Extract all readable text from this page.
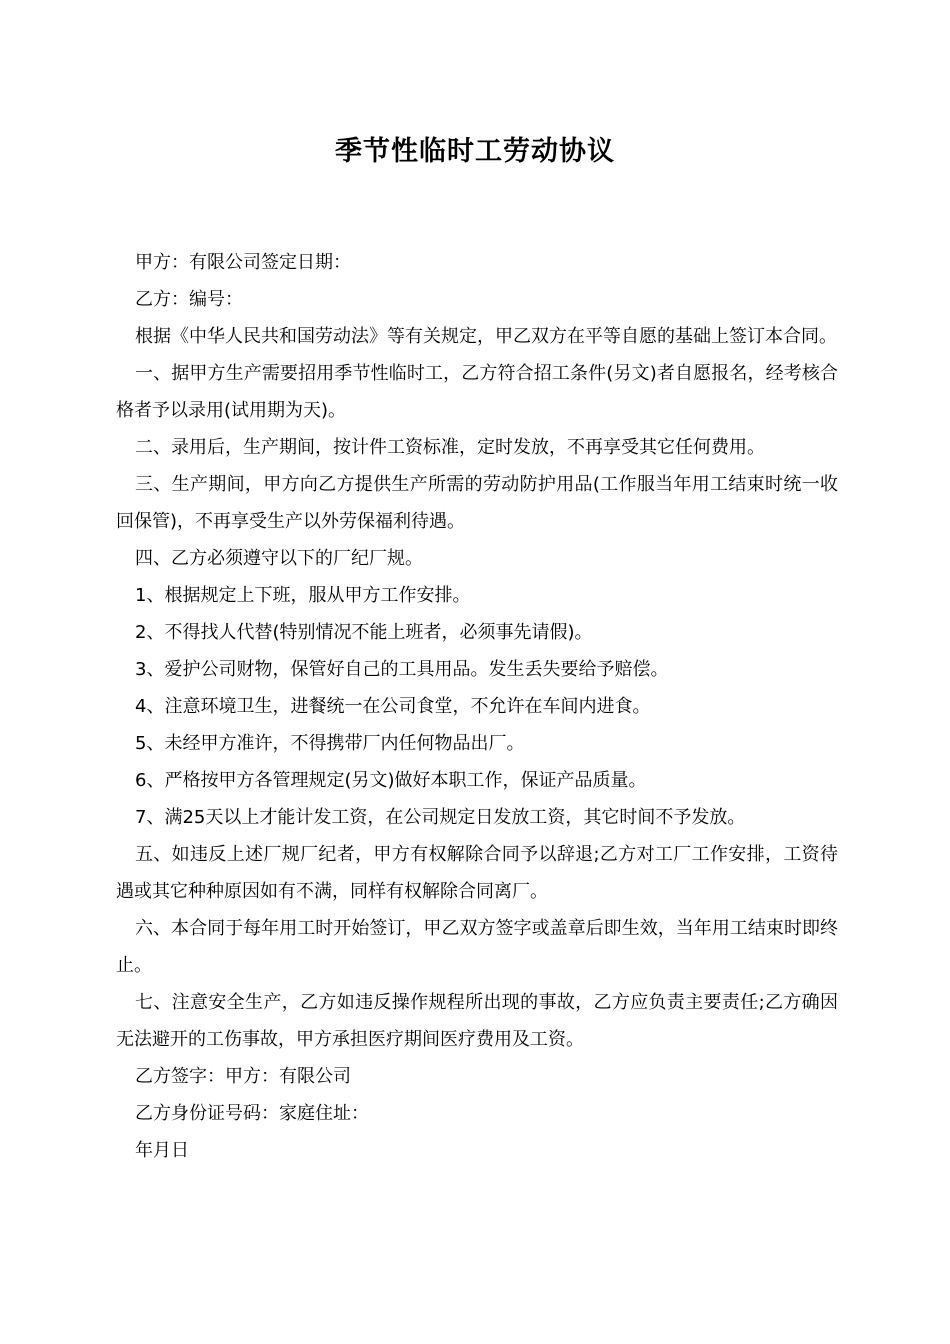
季节性临时工劳动协议

甲方：有限公司签定日期：

乙方：编号：

根据《中华人民共和国劳动法》等有关规定，甲乙双方在平等自愿的基础上签订本合同。

一、据甲方生产需要招用季节性临时工，乙方符合招工条件(另文)者自愿报名，经考核合格者予以录用(试用期为天)。

二、录用后，生产期间，按计件工资标准，定时发放，不再享受其它任何费用。

三、生产期间，甲方向乙方提供生产所需的劳动防护用品(工作服当年用工结束时统一收回保管)，不再享受生产以外劳保福利待遇。

四、乙方必须遵守以下的厂纪厂规。

1、根据规定上下班，服从甲方工作安排。

2、不得找人代替(特别情况不能上班者，必须事先请假)。

3、爱护公司财物，保管好自己的工具用品。发生丢失要给予赔偿。

4、注意环境卫生，进餐统一在公司食堂，不允许在车间内进食。

5、未经甲方准许，不得携带厂内任何物品出厂。

6、严格按甲方各管理规定(另文)做好本职工作，保证产品质量。

7、满25天以上才能计发工资，在公司规定日发放工资，其它时间不予发放。

五、如违反上述厂规厂纪者，甲方有权解除合同予以辞退;乙方对工厂工作安排，工资待遇或其它种种原因如有不满，同样有权解除合同离厂。

六、本合同于每年用工时开始签订，甲乙双方签字或盖章后即生效，当年用工结束时即终止。

七、注意安全生产，乙方如违反操作规程所出现的事故，乙方应负责主要责任;乙方确因无法避开的工伤事故，甲方承担医疗期间医疗费用及工资。

乙方签字：甲方：有限公司

乙方身份证号码：家庭住址：

年月日
